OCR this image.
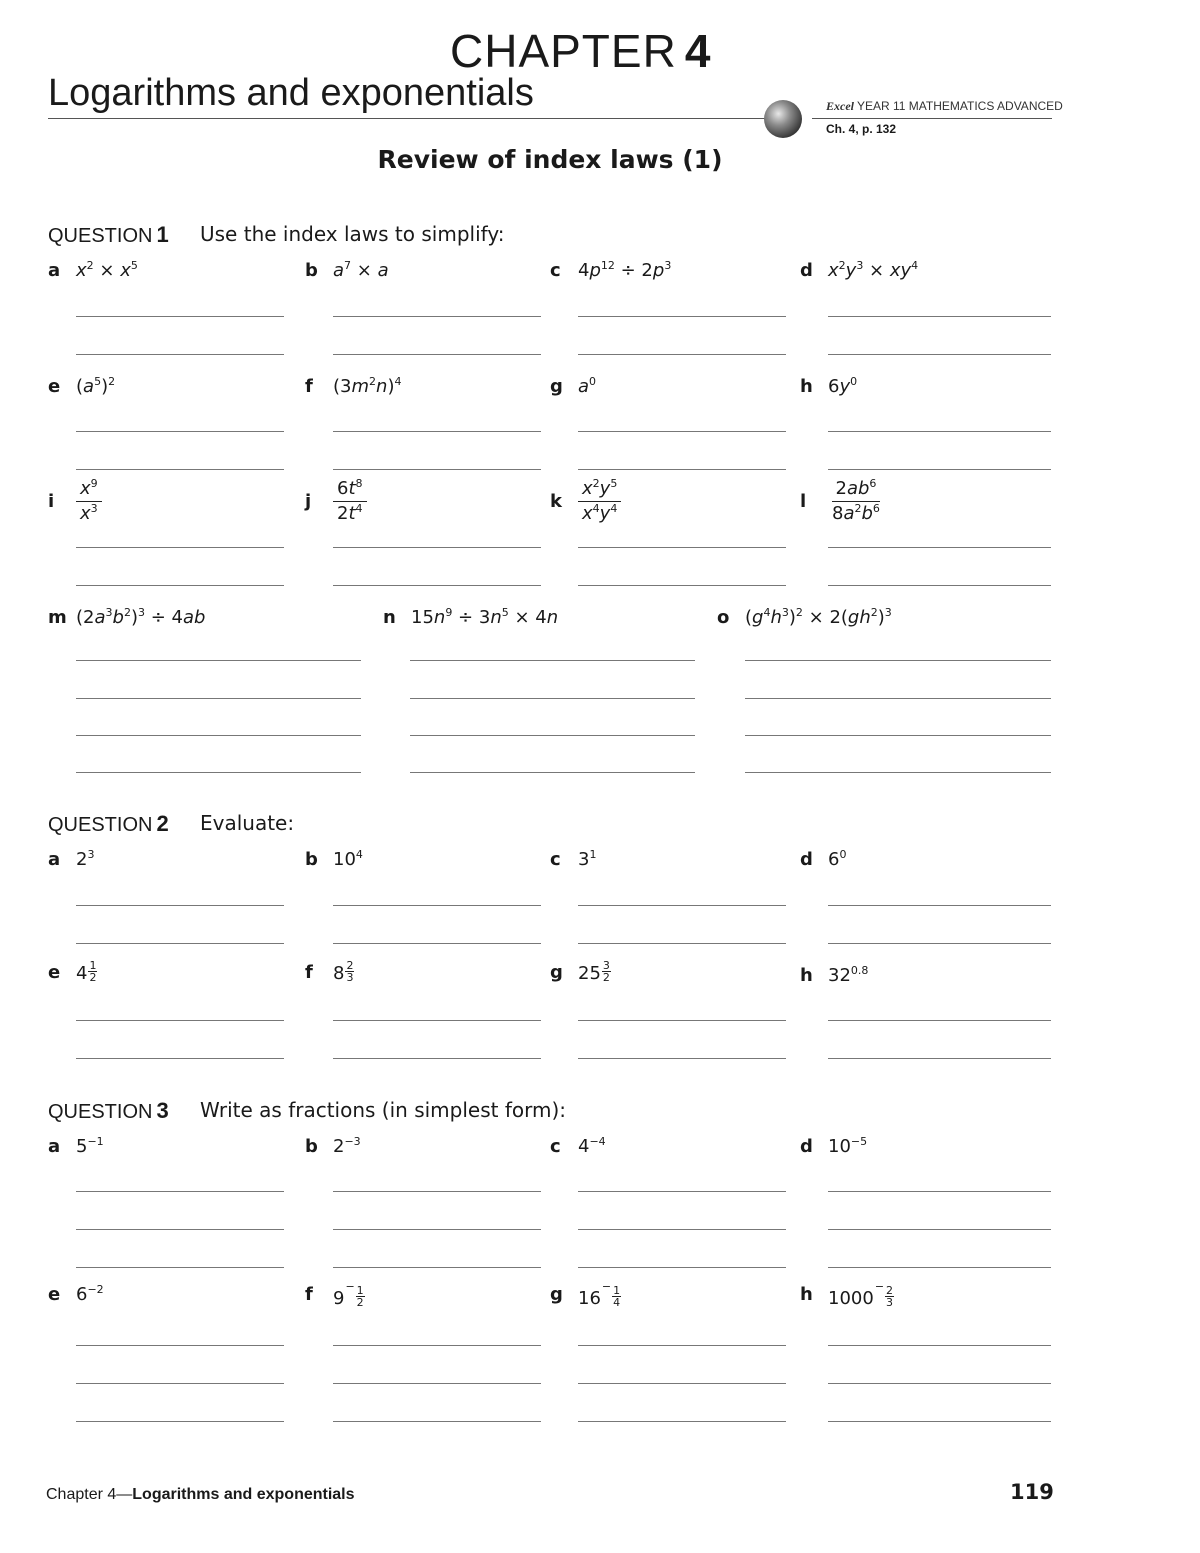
CHAPTER 4
Logarithms and exponentials	Excel YEAR 11 MATHEMATICS ADVANCED
Ch. 4, p. 132
Review of index laws (1)
QUESTION 1 Use the index laws to simplify:
a $x^2 \times x^5$	b $a^7 \times a$	c $4p^{12} \div 2p^3$	d $x^2y^3 \times xy^4$
e $(a^5)^2$	f	$(3m^2n)^4$	g $a^0$	h $6y^0$
i	$\frac{x^9}{x^3}$	j	$\frac{6t^8}{2t^4}$	k $\frac{x^2y^5}{x^4y^4}$	l	$\frac{2ab^6}{8a^2b^6}$
m $(2a^3b^2)^3 \div 4ab$	n $15n^9 \div 3n^5 \times 4n$	o $(g^4h^3)^2 \times 2(gh^2)^3$
QUESTION 2 Evaluate:
a $2^3$	b $10^4$	c $3^1$	d $6^0$
e $4 \frac{1}{2}$	f	$8 \frac{2}{3}$	g $25 \frac{3}{2}$	h $32^{0.8}$
QUESTION 3 Write as fractions (in simplest form):
a $5^{-1}$	b $2^{-3}$	c $4^{-4}$	d $10^{-5}$
e $6^{-2}$	f	$9^- \frac{1}{2}$	g $16^- \frac{1}{4}$	h $1000^- \frac{2}{3}$
Chapter 4—Logarithms and exponentials	119
